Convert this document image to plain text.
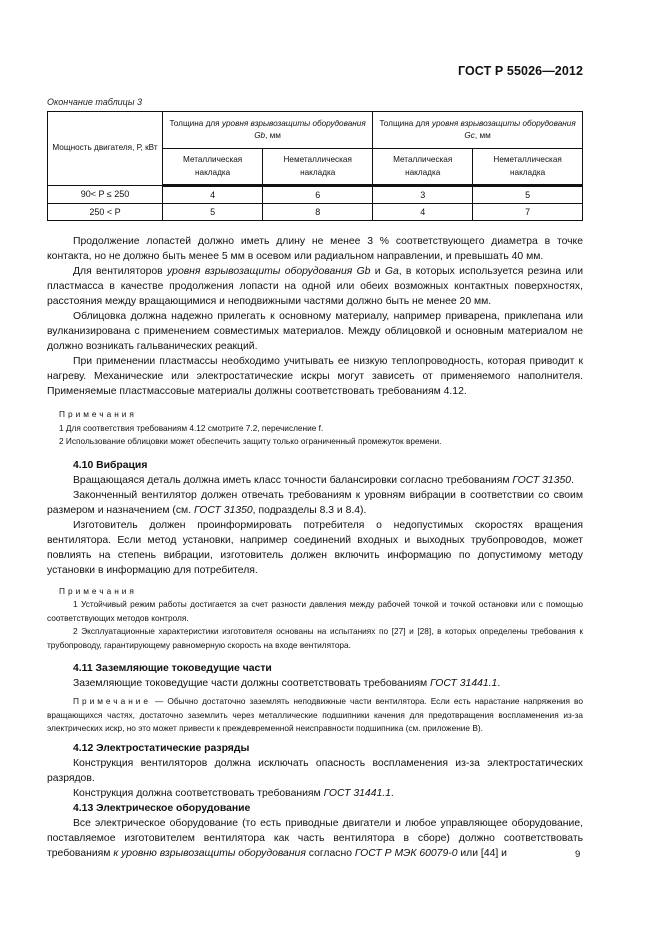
ГОСТ Р 55026—2012
Окончание таблицы 3
Мощность двигателя, Р, кВт	Толщина для уровня взрывозащиты оборудования Gb, мм		Толщина для уровня взрывозащиты оборудования Gc, мм	
	Металлическая накладка	Неметаллическая накладка	Металлическая накладка	Неметаллическая накладка
90< P ≤ 250	4	6	3	5
250 < P	5	8	4	7

Продолжение лопастей должно иметь длину не менее 3 % соответствующего диаметра в точке контакта, но не должно быть менее 5 мм в осевом или радиальном направлении, и превышать 40 мм.

Для вентиляторов уровня взрывозащиты оборудования Gb и Ga, в которых используется резина или пластмасса в качестве продолжения лопасти на одной или обеих возможных контактных поверхностях, расстояния между вращающимися и неподвижными частями должно быть не менее 20 мм.

Облицовка должна надежно прилегать к основному материалу, например приварена, приклепана или вулканизирована с применением совместимых материалов. Между облицовкой и основным материалом не должно возникать гальванических реакций.

При применении пластмассы необходимо учитывать ее низкую теплопроводность, которая приводит к нагреву. Механические или электростатические искры могут зависеть от применяемого наполнителя. Применяемые пластмассовые материалы должны соответствовать требованиям 4.12.

Примечания

1 Для соответствия требованиям 4.12 смотрите 7.2, перечисление f.

2 Использование облицовки может обеспечить защиту только ограниченный промежуток времени.

4.10 Вибрация

Вращающаяся деталь должна иметь класс точности балансировки согласно требованиям ГОСТ 31350.

Законченный вентилятор должен отвечать требованиям к уровням вибрации в соответствии со своим размером и назначением (см. ГОСТ 31350, подразделы 8.3 и 8.4).

Изготовитель должен проинформировать потребителя о недопустимых скоростях вращения вентилятора. Если метод установки, например соединений входных и выходных трубопроводов, может повлиять на степень вибрации, изготовитель должен включить информацию по допустимому методу установки в информацию для потребителя.

Примечания

1 Устойчивый режим работы достигается за счет разности давления между рабочей точкой и точкой остановки или с помощью соответствующих методов контроля.

2 Эксплуатационные характеристики изготовителя основаны на испытаниях по [27] и [28], в которых определены требования к трубопроводу, гарантирующему равномерную скорость на входе вентилятора.

4.11 Заземляющие токоведущие части

Заземляющие токоведущие части должны соответствовать требованиям ГОСТ 31441.1.

Примечание — Обычно достаточно заземлять неподвижные части вентилятора. Если есть нарастание напряжения во вращающихся частях, достаточно заземлить через металлические подшипники качения для предотвращения воспламенения из-за электрических искр, но это может привести к преждевременной неисправности подшипника (см. приложение В).

4.12 Электростатические разряды

Конструкция вентиляторов должна исключать опасность воспламенения из-за электростатических разрядов.

Конструкция должна соответствовать требованиям ГОСТ 31441.1.

4.13 Электрическое оборудование

Все электрическое оборудование (то есть приводные двигатели и любое управляющее оборудование, поставляемое изготовителем вентилятора как часть вентилятора в сборе) должно соответствовать требованиям к уровню взрывозащиты оборудования согласно ГОСТ Р МЭК 60079-0 или [44] и	9
